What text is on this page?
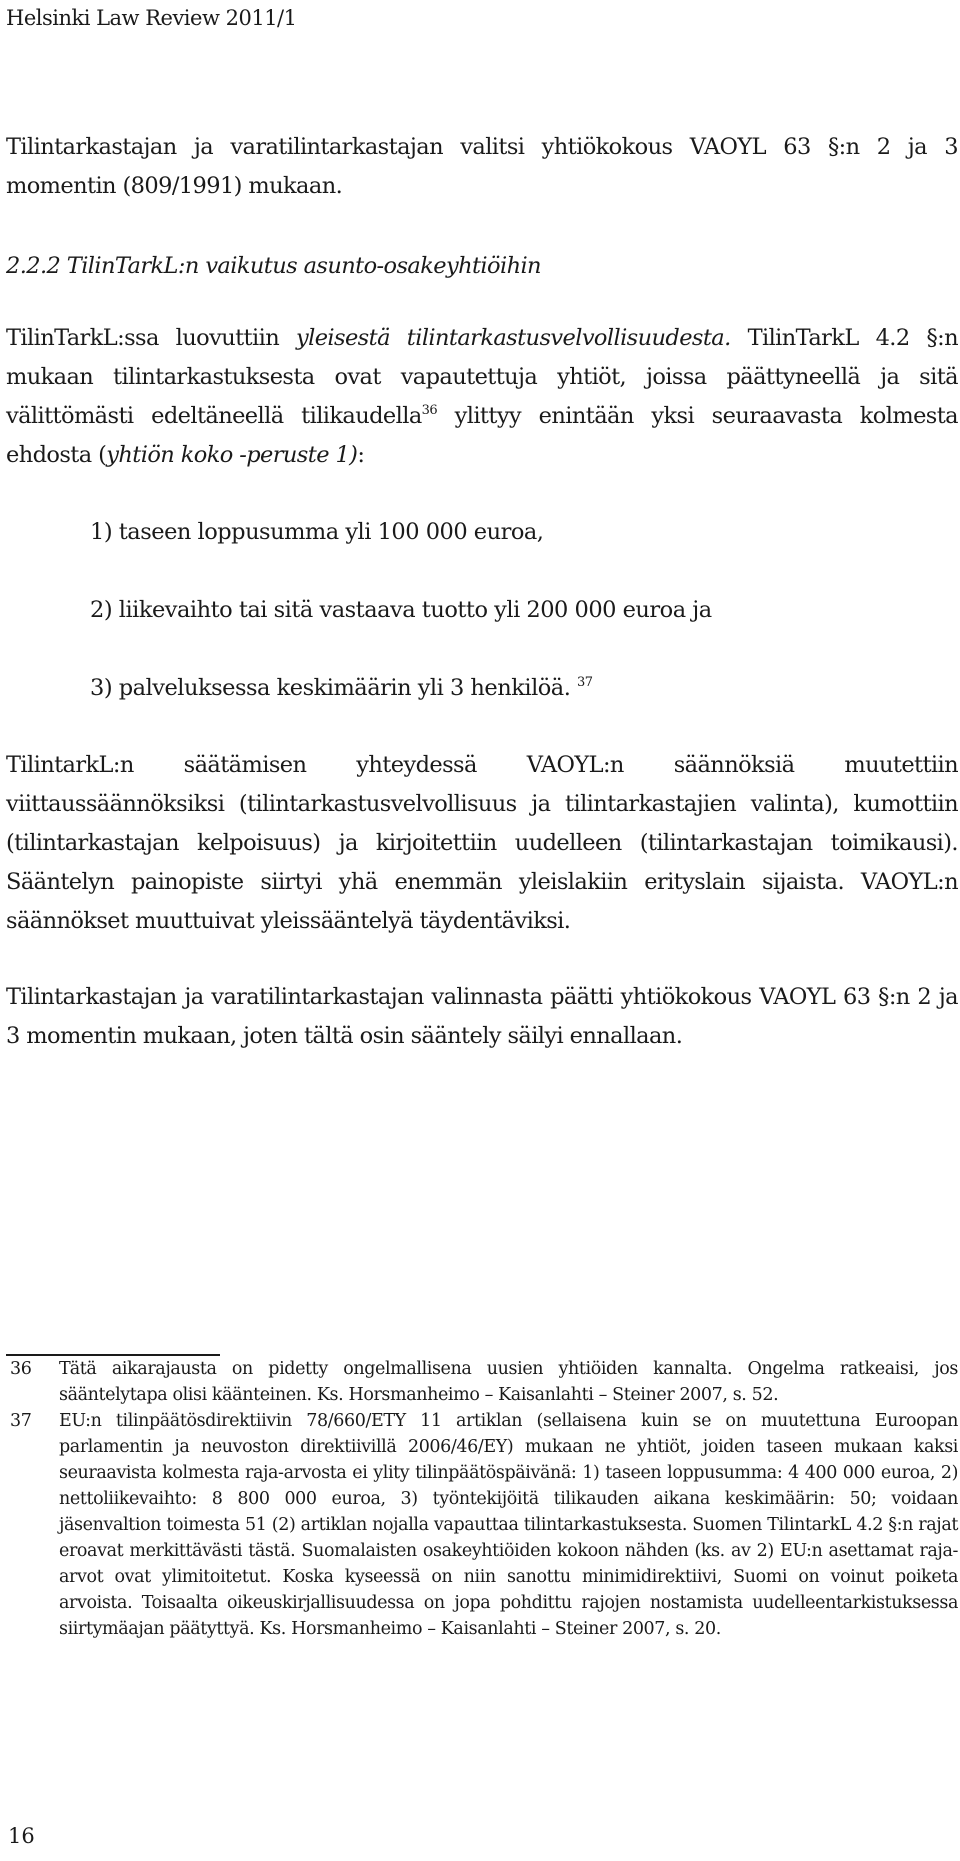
Helsinki Law Review 2011/1

Tilintarkastajan ja varatilintarkastajan valitsi yhtiökokous VAOYL 63 §:n 2 ja 3 momentin (809/1991) mukaan.

2.2.2 TilinTarkL:n vaikutus asunto-osakeyhtiöihin

TilinTarkL:ssa luovuttiin yleisestä tilintarkastusvelvollisuudesta. TilinTarkL 4.2 §:n mukaan tilintarkastuksesta ovat vapautettuja yhtiöt, joissa päättyneellä ja sitä välittömästi edeltäneellä tilikaudella$^{36}$ ylittyy enintään yksi seuraavasta kolmesta ehdosta (yhtiön koko -peruste 1):

1) taseen loppusumma yli 100 000 euroa,

2) liikevaihto tai sitä vastaava tuotto yli 200 000 euroa ja

3) palveluksessa keskimäärin yli 3 henkilöä. $^{37}$

TilintarkL:n säätämisen yhteydessä VAOYL:n säännöksiä muutettiin viittaussäännöksiksi (tilintarkastusvelvollisuus ja tilintarkastajien valinta), kumottiin (tilintarkastajan kelpoisuus) ja kirjoitettiin uudelleen (tilintarkastajan toimikausi). Sääntelyn painopiste siirtyi yhä enemmän yleislakiin erityslain sijaista. VAOYL:n säännökset muuttuivat yleissääntelyä täydentäviksi.

Tilintarkastajan ja varatilintarkastajan valinnasta päätti yhtiökokous VAOYL 63 §:n 2 ja 3 momentin mukaan, joten tältä osin sääntely säilyi ennallaan.

36	Tätä aikarajausta on pidetty ongelmallisena uusien yhtiöiden kannalta. Ongelma ratkeaisi, jos sääntelytapa olisi käänteinen. Ks. Horsmanheimo – Kaisanlahti – Steiner 2007, s. 52.
37	EU:n tilinpäätösdirektiivin 78/660/ETY 11 artiklan (sellaisena kuin se on muutettuna Euroopan parlamentin ja neuvoston direktiivillä 2006/46/EY) mukaan ne yhtiöt, joiden taseen mukaan kaksi seuraavista kolmesta raja-arvosta ei ylity tilinpäätöspäivänä: 1) taseen loppusumma: 4 400 000 euroa, 2) nettoliikevaihto: 8 800 000 euroa, 3) työntekijöitä tilikauden aikana keskimäärin: 50; voidaan jäsenvaltion toimesta 51 (2) artiklan nojalla vapauttaa tilintarkastuksesta. Suomen TilintarkL 4.2 §:n rajat eroavat merkittävästi tästä. Suomalaisten osakeyhtiöiden kokoon nähden (ks. av 2) EU:n asettamat raja-arvot ovat ylimitoitetut. Koska kyseessä on niin sanottu minimidirektiivi, Suomi on voinut poiketa arvoista. Toisaalta oikeuskirjallisuudessa on jopa pohdittu rajojen nostamista uudelleentarkistuksessa siirtymäajan päätyttyä. Ks. Horsmanheimo – Kaisanlahti – Steiner 2007, s. 20.
16
